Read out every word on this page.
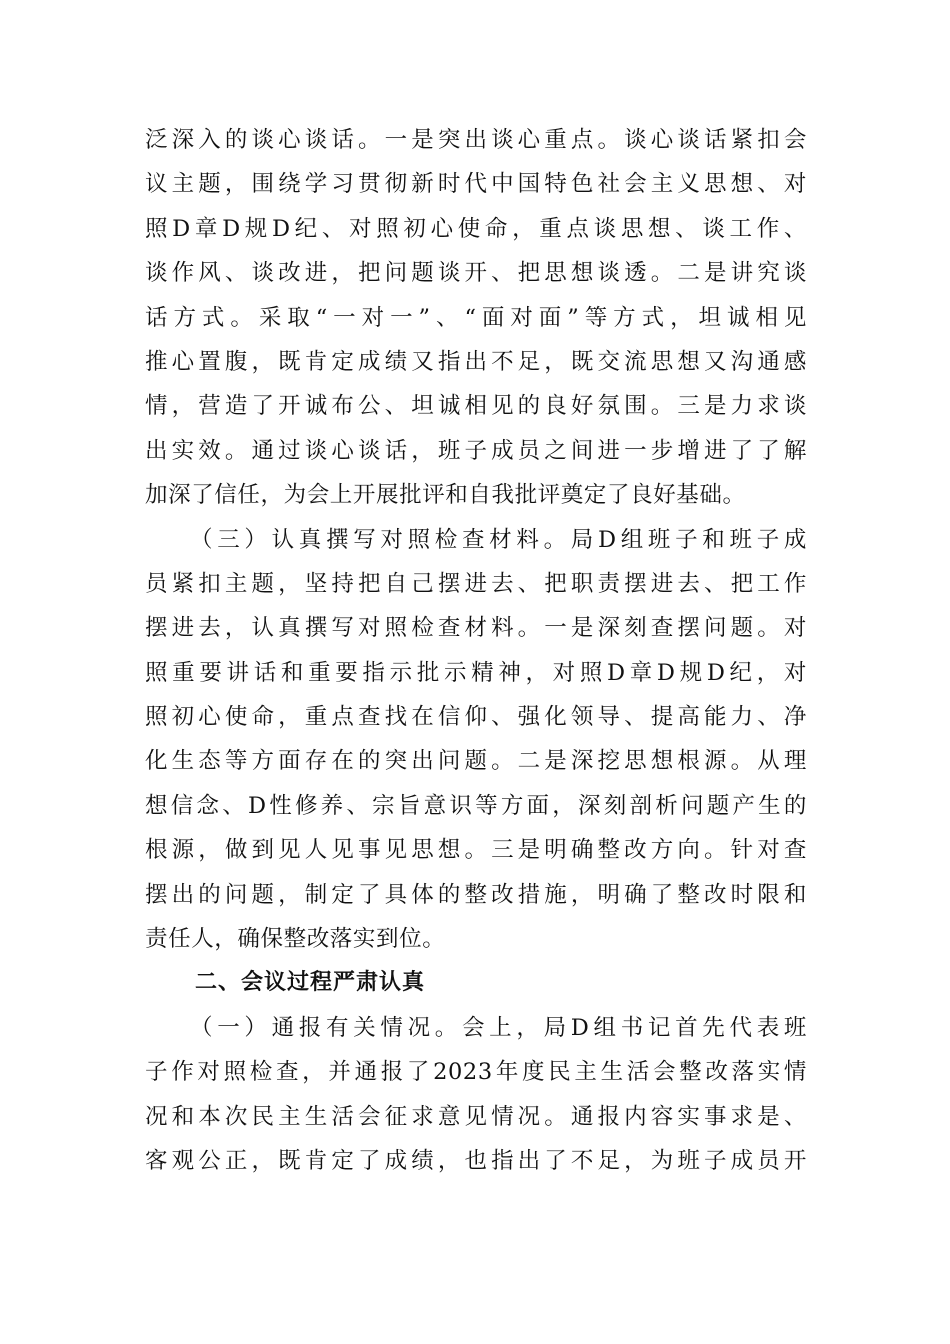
泛深入的谈心谈话。一是突出谈心重点。谈心谈话紧扣会
议主题，围绕学习贯彻新时代中国特色社会主义思想、对
照D章D规D纪、对照初心使命，重点谈思想、谈工作、
谈作风、谈改进，把问题谈开、把思想谈透。二是讲究谈
话方式。采取“一对一”、“面对面”等方式，坦诚相见
推心置腹，既肯定成绩又指出不足，既交流思想又沟通感
情，营造了开诚布公、坦诚相见的良好氛围。三是力求谈
出实效。通过谈心谈话，班子成员之间进一步增进了了解
加深了信任，为会上开展批评和自我批评奠定了良好基础。
（三）认真撰写对照检查材料。局D组班子和班子成
员紧扣主题，坚持把自己摆进去、把职责摆进去、把工作
摆进去，认真撰写对照检查材料。一是深刻查摆问题。对
照重要讲话和重要指示批示精神，对照D章D规D纪，对
照初心使命，重点查找在信仰、强化领导、提高能力、净
化生态等方面存在的突出问题。二是深挖思想根源。从理
想信念、D性修养、宗旨意识等方面，深刻剖析问题产生的
根源，做到见人见事见思想。三是明确整改方向。针对查
摆出的问题，制定了具体的整改措施，明确了整改时限和
责任人，确保整改落实到位。
二、会议过程严肃认真
（一）通报有关情况。会上，局D组书记首先代表班
子作对照检查，并通报了2023年度民主生活会整改落实情
况和本次民主生活会征求意见情况。通报内容实事求是、
客观公正，既肯定了成绩，也指出了不足，为班子成员开
